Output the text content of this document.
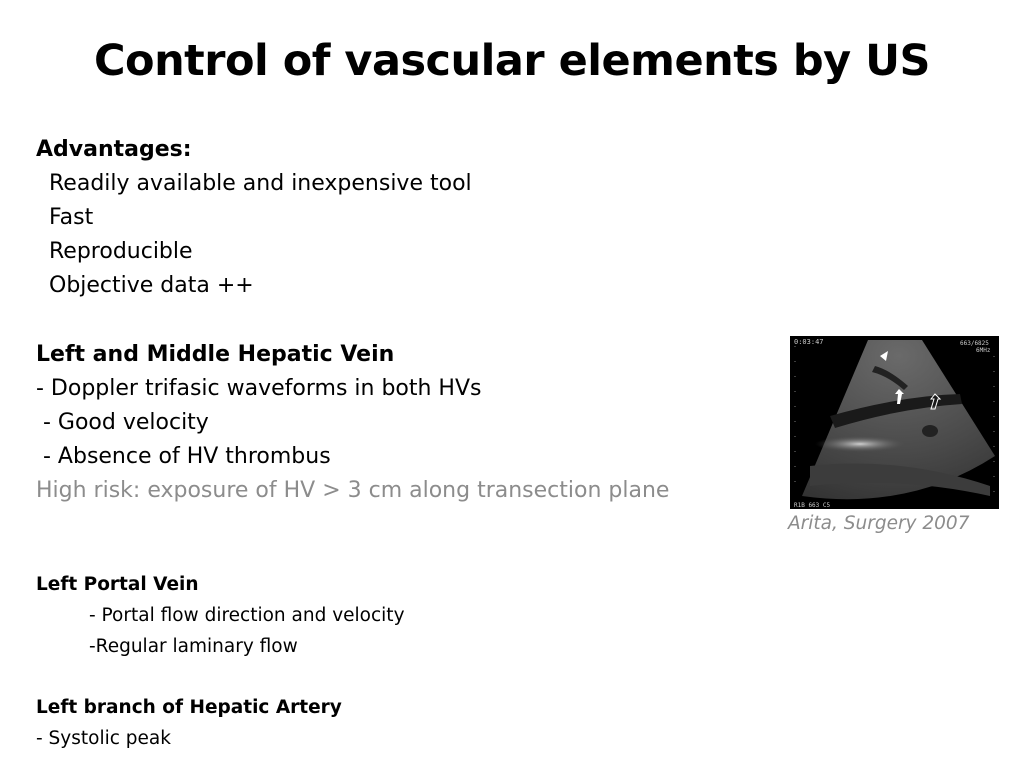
Control of vascular elements by US
Advantages:
Readily available and inexpensive tool
Fast
Reproducible
Objective data ++
Left and Middle Hepatic Vein
- Doppler trifasic waveforms in both HVs
- Good velocity
- Absence of HV thrombus
High risk: exposure of HV > 3 cm along transection plane
0:03:47	663/6825
6MHz
R1B 663 C5
Arita, Surgery 2007
Left Portal Vein
- Portal flow direction and velocity
-Regular laminary flow
Left branch of Hepatic Artery
- Systolic peak
